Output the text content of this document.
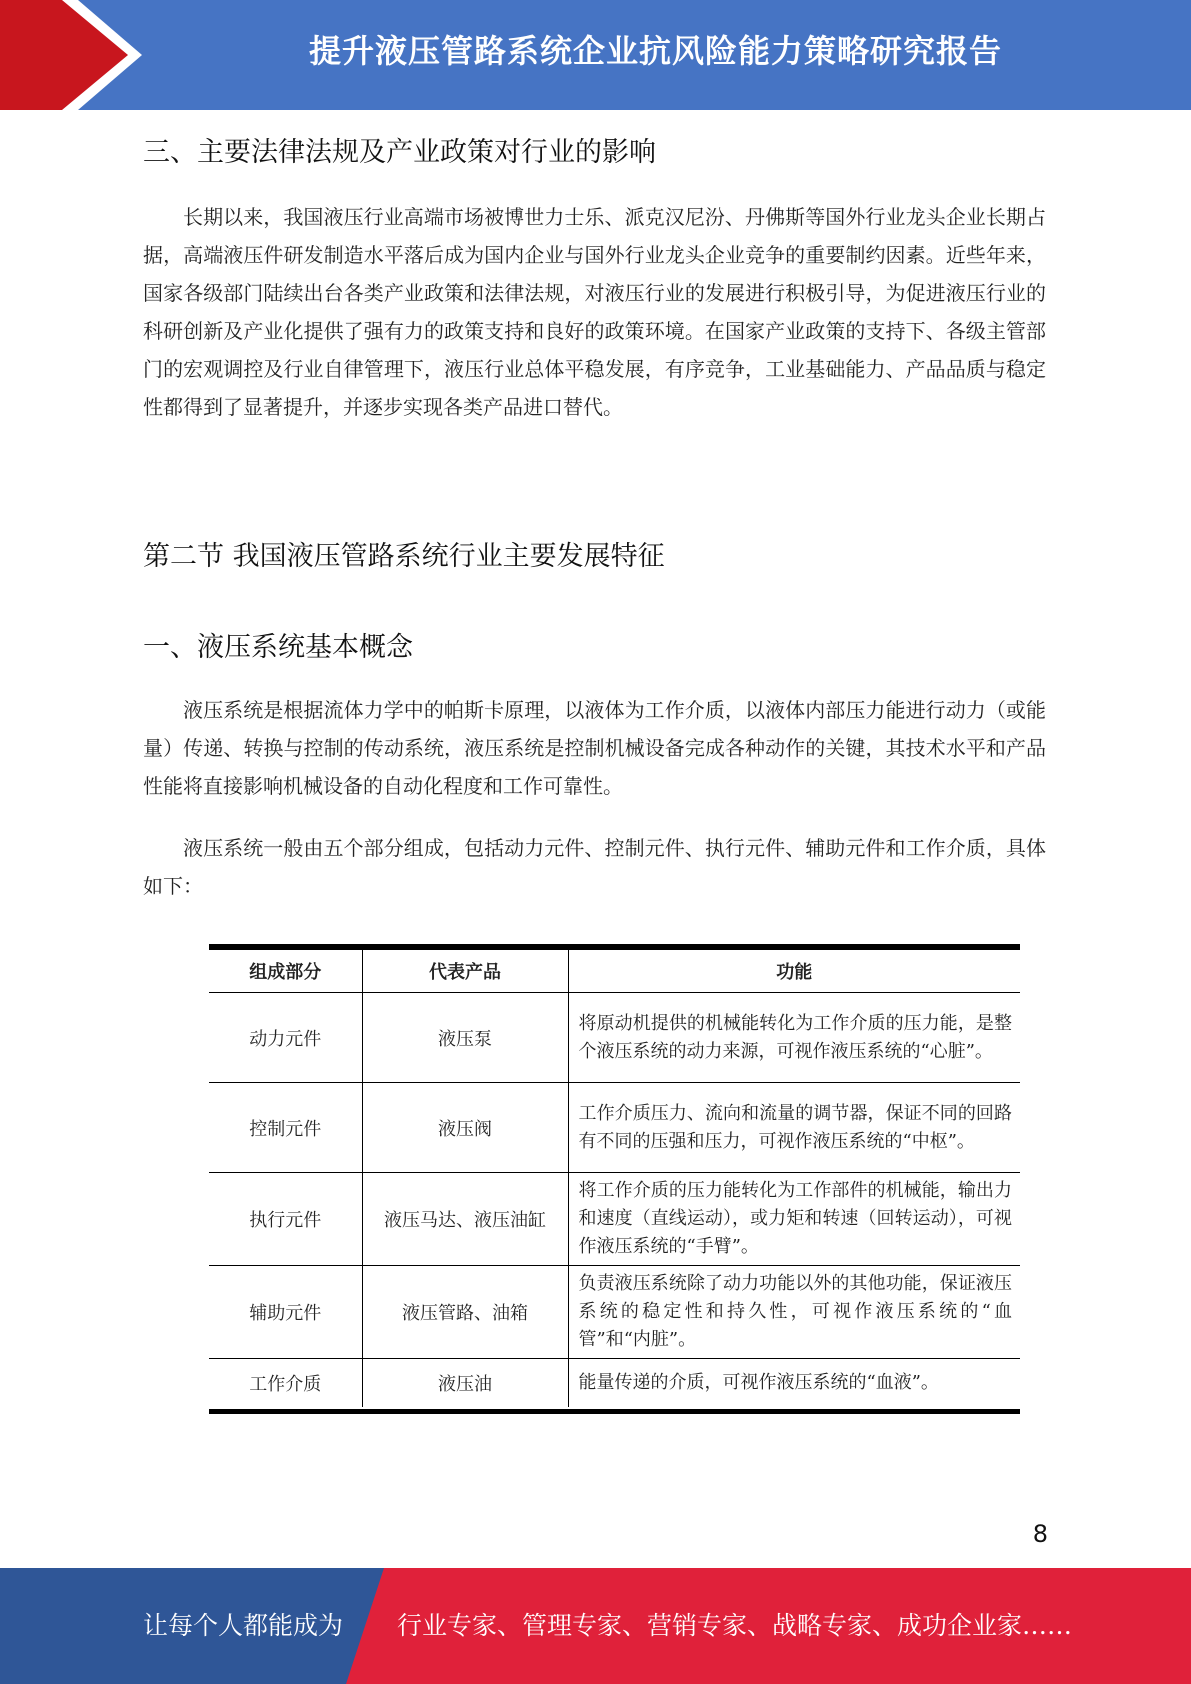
提升液压管路系统企业抗风险能力策略研究报告
三、主要法律法规及产业政策对行业的影响

长期以来，我国液压行业高端市场被博世力士乐、派克汉尼汾、丹佛斯等国外行业龙头企业长期占据，高端液压件研发制造水平落后成为国内企业与国外行业龙头企业竞争的重要制约因素。近些年来，国家各级部门陆续出台各类产业政策和法律法规，对液压行业的发展进行积极引导，为促进液压行业的科研创新及产业化提供了强有力的政策支持和良好的政策环境。在国家产业政策的支持下、各级主管部门的宏观调控及行业自律管理下，液压行业总体平稳发展，有序竞争，工业基础能力、产品品质与稳定性都得到了显著提升，并逐步实现各类产品进口替代。

第二节 我国液压管路系统行业主要发展特征
一、液压系统基本概念

液压系统是根据流体力学中的帕斯卡原理，以液体为工作介质，以液体内部压力能进行动力（或能量）传递、转换与控制的传动系统，液压系统是控制机械设备完成各种动作的关键，其技术水平和产品性能将直接影响机械设备的自动化程度和工作可靠性。

液压系统一般由五个部分组成，包括动力元件、控制元件、执行元件、辅助元件和工作介质，具体如下：

组成部分	代表产品	功能
动力元件	液压泵	将原动机提供的机械能转化为工作介质的压力能，是整个液压系统的动力来源，可视作液压系统的“心脏”。
控制元件	液压阀	工作介质压力、流向和流量的调节器，保证不同的回路有不同的压强和压力，可视作液压系统的“中枢”。
执行元件	液压马达、液压油缸	将工作介质的压力能转化为工作部件的机械能，输出力和速度（直线运动），或力矩和转速（回转运动），可视作液压系统的“手臂”。
辅助元件	液压管路、油箱	负责液压系统除了动力功能以外的其他功能，保证液压系统的稳定性和持久性，可视作液压系统的“血管”和“内脏”。
工作介质	液压油	能量传递的介质，可视作液压系统的“血液”。
8
让每个人都能成为 行业专家、管理专家、营销专家、战略专家、成功企业家……
